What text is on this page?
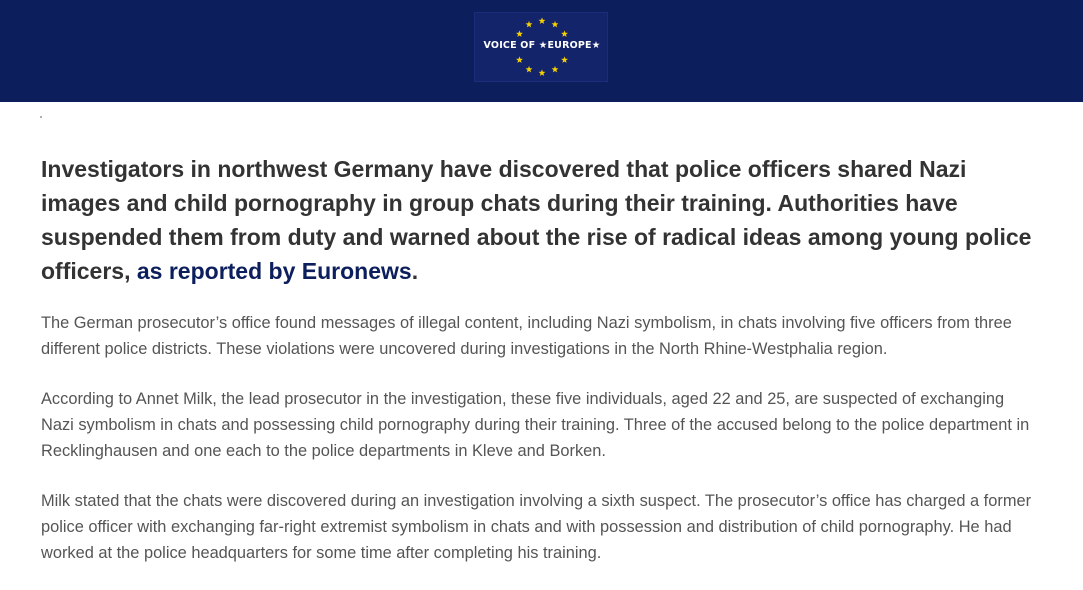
VOICE OF ★EUROPE★

Investigators in northwest Germany have discovered that police officers shared Nazi images and child pornography in group chats during their training. Authorities have suspended them from duty and warned about the rise of radical ideas among young police officers, as reported by Euronews.

The German prosecutor’s office found messages of illegal content, including Nazi symbolism, in chats involving five officers from three different police districts. These violations were uncovered during investigations in the North Rhine-Westphalia region.

According to Annet Milk, the lead prosecutor in the investigation, these five individuals, aged 22 and 25, are suspected of exchanging Nazi symbolism in chats and possessing child pornography during their training. Three of the accused belong to the police department in Recklinghausen and one each to the police departments in Kleve and Borken.

Milk stated that the chats were discovered during an investigation involving a sixth suspect. The prosecutor’s office has charged a former police officer with exchanging far-right extremist symbolism in chats and with possession and distribution of child pornography. He had worked at the police headquarters for some time after completing his training.
